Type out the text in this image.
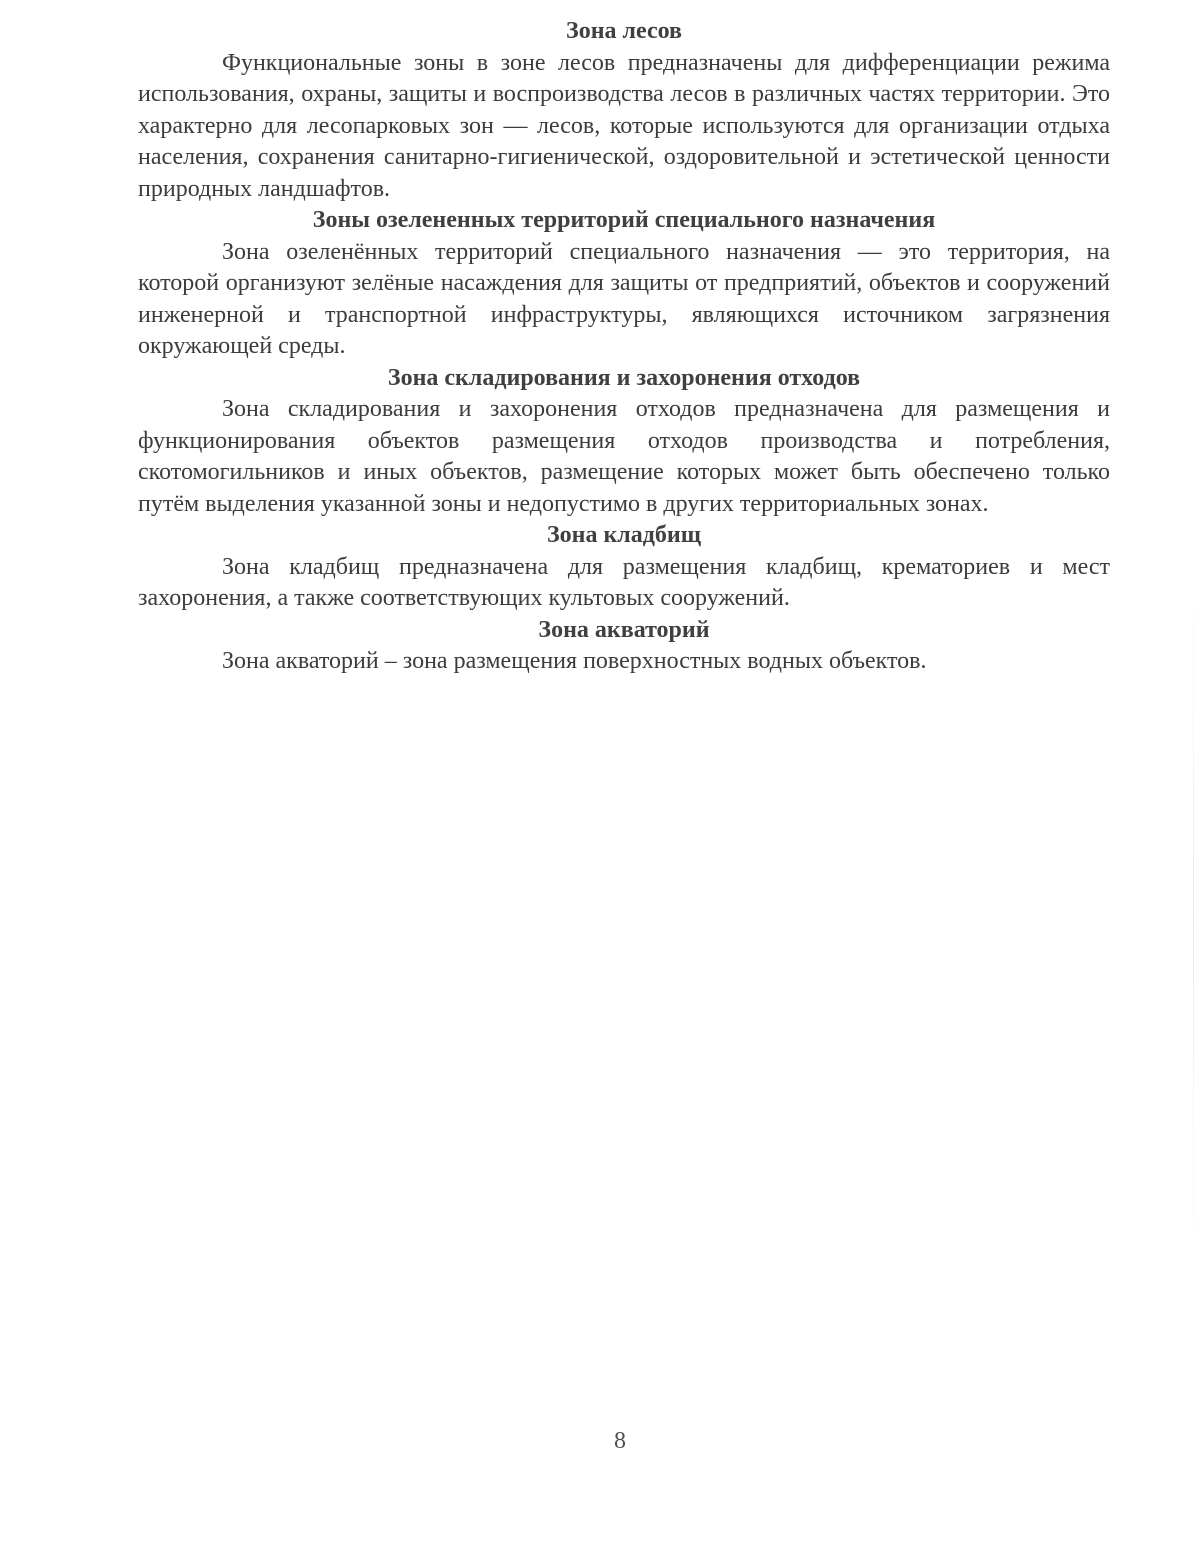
Зона лесов

Функциональные зоны в зоне лесов предназначены для дифференциации режима использования, охраны, защиты и воспроизводства лесов в различных частях территории. Это характерно для лесопарковых зон — лесов, которые используются для организации отдыха населения, сохранения санитарно-гигиенической, оздоровительной и эстетической ценности природных ландшафтов.

Зоны озелененных территорий специального назначения

Зона озеленённых территорий специального назначения — это территория, на которой организуют зелёные насаждения для защиты от предприятий, объектов и сооружений инженерной и транспортной инфраструктуры, являющихся источником загрязнения окружающей среды.

Зона складирования и захоронения отходов

Зона складирования и захоронения отходов предназначена для размещения и функционирования объектов размещения отходов производства и потребления, скотомогильников и иных объектов, размещение которых может быть обеспечено только путём выделения указанной зоны и недопустимо в других территориальных зонах.

Зона кладбищ

Зона кладбищ предназначена для размещения кладбищ, крематориев и мест захоронения, а также соответствующих культовых сооружений.

Зона акваторий

Зона акваторий – зона размещения поверхностных водных объектов.

8
